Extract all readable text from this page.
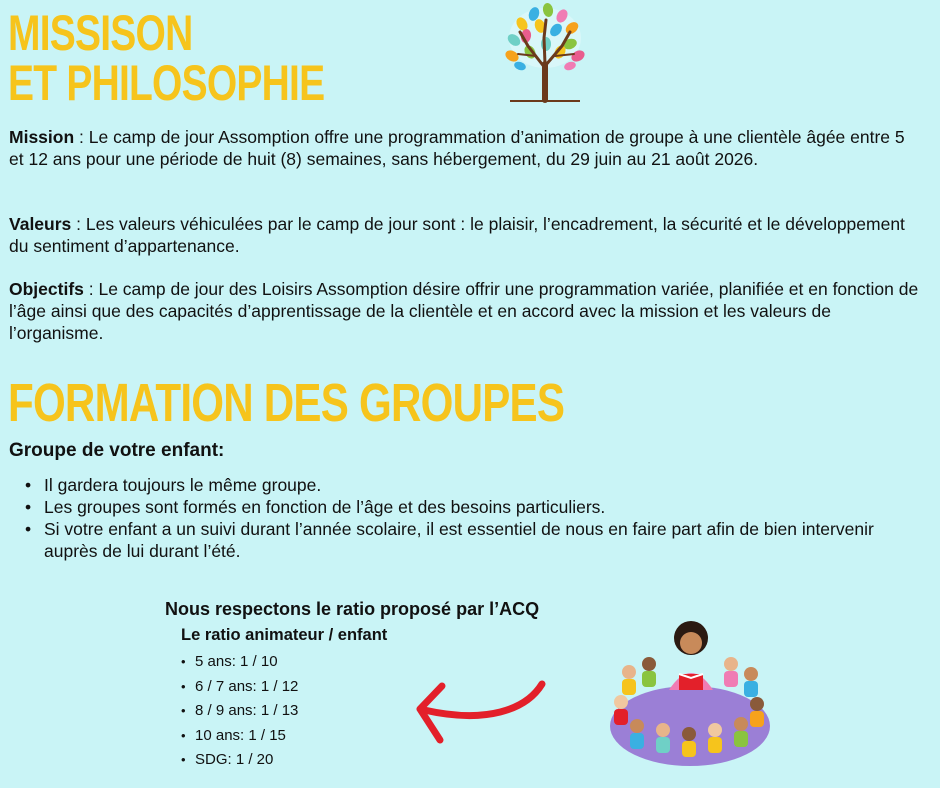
MISSISON
ET PHILOSOPHIE

Mission : Le camp de jour Assomption offre une programmation d’animation de groupe à une clientèle âgée entre 5 et 12 ans pour une période de huit (8) semaines, sans hébergement, du 29 juin au 21 août 2026.

Valeurs : Les valeurs véhiculées par le camp de jour sont : le plaisir, l’encadrement, la sécurité et le développement du sentiment d’appartenance.

Objectifs : Le camp de jour des Loisirs Assomption désire offrir une programmation variée, planifiée et en fonction de l’âge ainsi que des capacités d’apprentissage de la clientèle et en accord avec la mission et les valeurs de l’organisme.

FORMATION DES GROUPES
Groupe de votre enfant:
• Il gardera toujours le même groupe.
• Les groupes sont formés en fonction de l’âge et des besoins particuliers.
• Si votre enfant a un suivi durant l’année scolaire, il est essentiel de nous en faire part afin de bien intervenir auprès de lui durant l’été.
Nous respectons le ratio proposé par l’ACQ
Le ratio animateur / enfant
• 5 ans: 1 / 10
• 6 / 7 ans: 1 / 12
• 8 / 9 ans: 1 / 13
• 10 ans: 1 / 15
• SDG: 1 / 20
